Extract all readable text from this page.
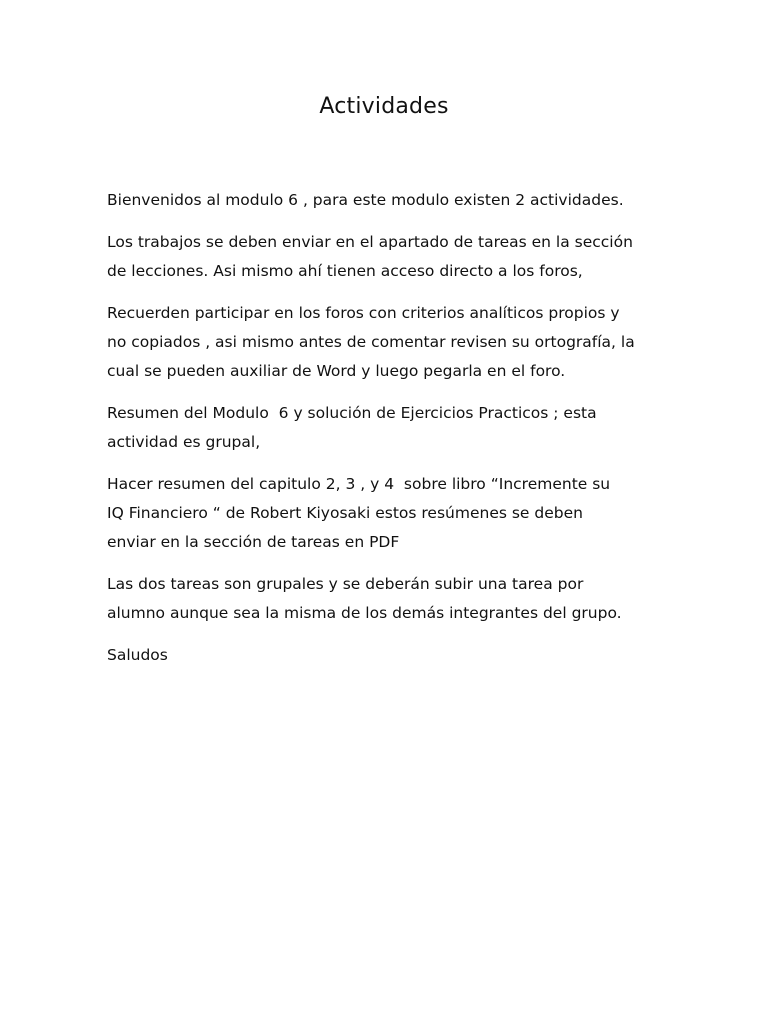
Actividades

Bienvenidos al modulo 6 , para este modulo existen 2 actividades.

Los trabajos se deben enviar en el apartado de tareas en la sección
de lecciones. Asi mismo ahí tienen acceso directo a los foros,

Recuerden participar en los foros con criterios analíticos propios y
no copiados , asi mismo antes de comentar revisen su ortografía, la
cual se pueden auxiliar de Word y luego pegarla en el foro.

Resumen del Modulo  6 y solución de Ejercicios Practicos ; esta
actividad es grupal,

Hacer resumen del capitulo 2, 3 , y 4  sobre libro “Incremente su
IQ Financiero “ de Robert Kiyosaki estos resúmenes se deben
enviar en la sección de tareas en PDF

Las dos tareas son grupales y se deberán subir una tarea por
alumno aunque sea la misma de los demás integrantes del grupo.

Saludos
